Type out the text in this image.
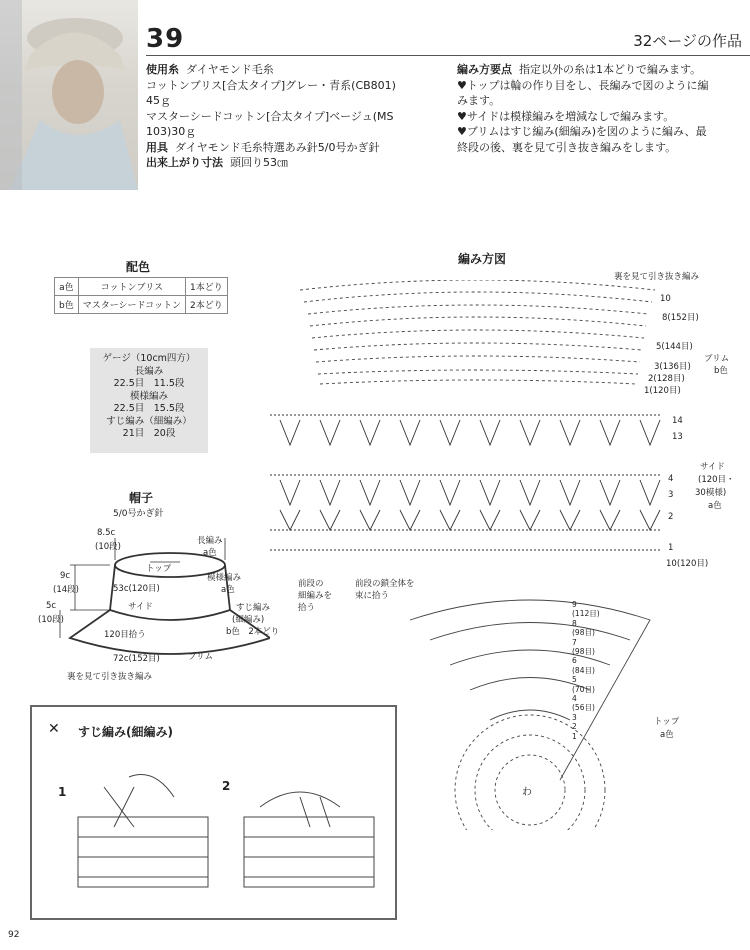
39	32ページの作品
使用糸 ダイヤモンド毛糸
コットンブリス[合太タイプ]グレー・青系(CB801)
45ｇ
マスターシードコットン[合太タイプ]ベージュ(MS
103)30ｇ
用具 ダイヤモンド毛糸特選あみ針5/0号かぎ針
出来上がり寸法 頭回り53㎝
編み方要点 指定以外の糸は1本どりで編みます。
♥トップは輪の作り目をし、長編みで図のように編
みます。
♥サイドは模様編みを増減なしで編みます。
♥ブリムはすじ編み(細編み)を図のように編み、最
終段の後、裏を見て引き抜き編みをします。
配色
a色	コットンブリス	1本どり
b色	マスターシードコットン	2本どり
ゲージ（10cm四方）
長編み
22.5目　11.5段
模様編み
22.5目　15.5段
すじ編み（細編み）
21目　20段
帽子
5/0号かぎ針
8.5c
(10段)
9c
(14段)
5c
(10段)
トップ
53c(120目)
サイド
120目拾う
72c(152目)
裏を見て引き抜き編み
長編み
a色
模様編み
a色
すじ編み
(細編み)
b色　2本どり
ブリム
編み方図
裏を見て引き抜き編み
10
8(152目)
5(144目)
3(136目)
2(128目)
1(120目)
ブリム
b色
14
13
4
3
2
1
サイド
(120目・
30模様)
a色
10(120目)
前段の
細編みを
拾う
前段の鎖全体を
束に拾う
9
(112目)
8
(98目)
7
(98目)
6
(84目)
5
(70目)
4
(56目)
3
2
1
わ
トップ
a色
✕ すじ編み(細編み)
1	2
92
